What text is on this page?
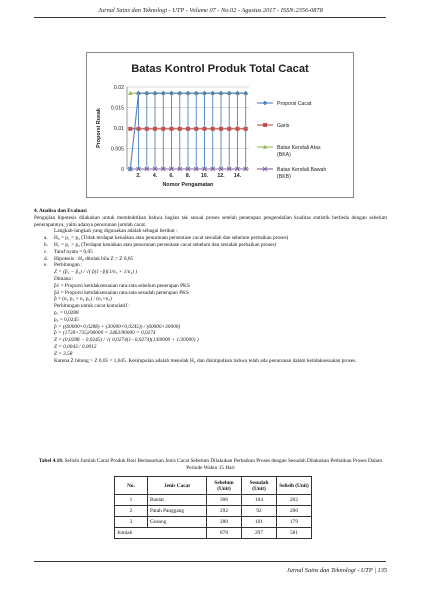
Jurnal Sains dan Teknologi - UTP - Volume 07 - No.02 - Agustus 2017 - ISSN:2356-0878
Batas Kontrol Produk Total Cacat
0
0.005
0.01
0.015
0.02
2. 4. 6. 8. 10. 12. 14.
Nomor Pengamatan
Proporsi Rusak
Proporsi Cacat
Garis
Batas Kendali Atas
(BKA)
Batas Kendali Bawah
(BKB)

4. Analisa dan Evaluasi

Pengujian hipotesis dilakukan untuk membuktikan bahwa bagian tak sesuai proses setelah penerapan pengendalian kualitas statistik berbeda dengan sebelum penerapannya, yaitu adanya penurunan jumlah cacat.

Langkah-langkah yang digunakan adalah sebagai berikut :

a. H₀ = p₁ = p₂ (Tidak terdapat kenaikan atau penurunan persentase cacat sesudah dan sebelum perbaikan proses)

b. H₁ = p₁ > p₂ (Terdapat kenaikan atau penurunan persentase cacat sebelum dan sesudah perbaikan proses)

c. Taraf nyata = 0,05

d. Hipotesis : H₀ ditolak bila Z > Z 0,05

e. Perhitungan :

Z = (p̂₁ − p̂₂) / √( p̂(1−p̂)(1/n₁ + 1/n₂) )

Dimana :

p̂1 = Proporsi ketidaksesuaian rata-rata sebelum penerapan PKS

p̂2 = Proporsi ketidaksesuaian rata-rata sesudah penerapan PKS

p̂ = (n₁ p₁ + n₂ p₂) / (n₁+n₂)

Perhitungan untuk cacat komulatif :

p₁ = 0,0288

p₂ = 0,0245

p̂ = ((60000×0,0288) + (30000×0,0245)) / (60000+30000)

p̂ = (1728+735)/90000 = 2463/90000 = 0,0274

Z = (0,0288 − 0,0245) / √( 0,0274(1−0,0274)(1/60000 + 1/30000) )

Z = 0,0043 / 0,0012

Z = 3,58

Karena Z hitung > Z 0,05 = 1,645. Kesimpulan adalah menolak H₀ dan disimpulkan bahwa telah ada penurunan dalam ketidaksesuaian proses.

Tabel 4.18. Selisih Jumlah Cacat Produk Roti Berdasarkan Jenis Cacat Sebelum Dilakukan Perbaikan Proses dengan Sesudah Dilakukan Perbaikan Proses Dalam Periode Waktu 15 Hari
No.	Jenis Cacat	Sebelum (Unit)	Sesudah (Unit)	Selisih (Unit)
1	Bantat	306	104	202
2	Patah Panggang	292	92	200
3	Gosong	280	101	179
Jumlah		878	297	581
Jurnal Sains dan Teknologi - UTP | 135
